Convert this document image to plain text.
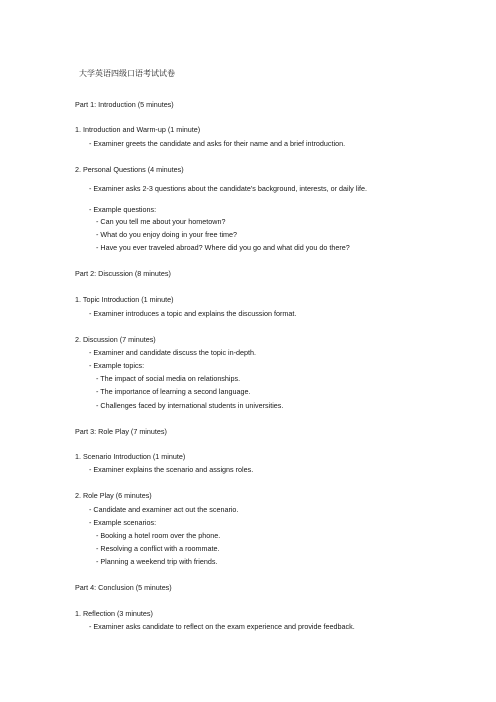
大学英语四级口语考试试卷
Part 1: Introduction (5 minutes)
1. Introduction and Warm-up (1 minute)
- Examiner greets the candidate and asks for their name and a brief introduction.
2. Personal Questions (4 minutes)
- Examiner asks 2-3 questions about the candidate’s background, interests, or daily life.
- Example questions:
- Can you tell me about your hometown?
- What do you enjoy doing in your free time?
- Have you ever traveled abroad? Where did you go and what did you do there?
Part 2: Discussion (8 minutes)
1. Topic Introduction (1 minute)
- Examiner introduces a topic and explains the discussion format.
2. Discussion (7 minutes)
- Examiner and candidate discuss the topic in-depth.
- Example topics:
- The impact of social media on relationships.
- The importance of learning a second language.
- Challenges faced by international students in universities.
Part 3: Role Play (7 minutes)
1. Scenario Introduction (1 minute)
- Examiner explains the scenario and assigns roles.
2. Role Play (6 minutes)
- Candidate and examiner act out the scenario.
- Example scenarios:
- Booking a hotel room over the phone.
- Resolving a conflict with a roommate.
- Planning a weekend trip with friends.
Part 4: Conclusion (5 minutes)
1. Reflection (3 minutes)
- Examiner asks candidate to reflect on the exam experience and provide feedback.
